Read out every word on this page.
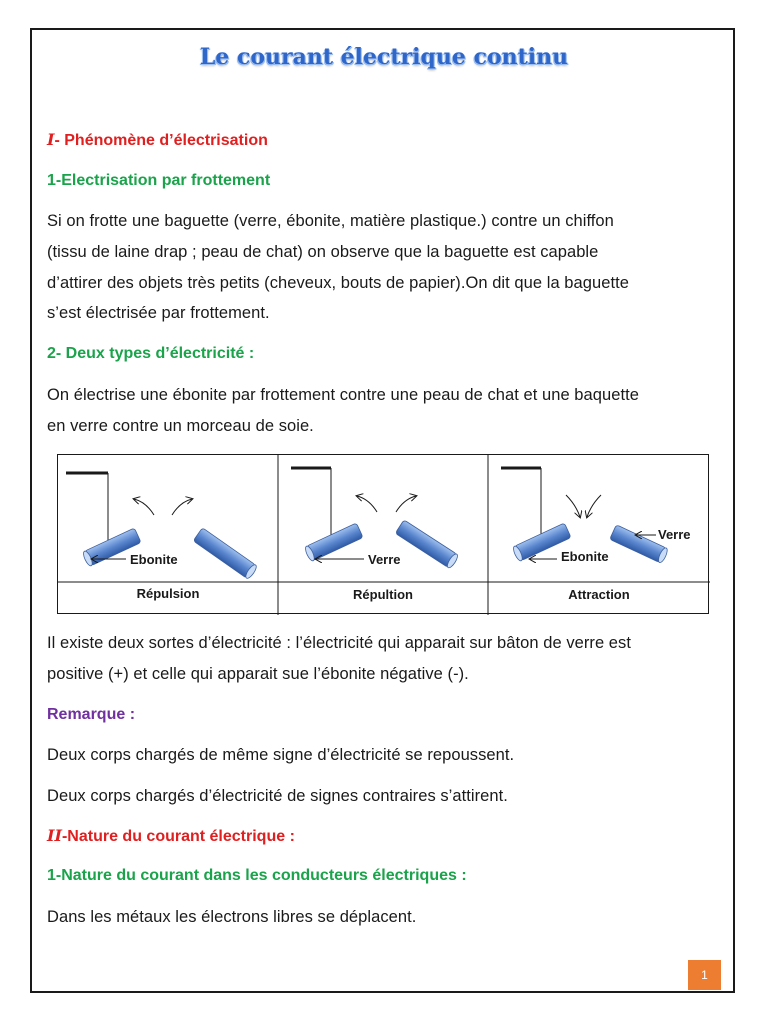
Le courant électrique continu
I- Phénomène d’électrisation
1-Electrisation par frottement
Si on frotte une baguette (verre, ébonite, matière plastique.) contre un chiffon
(tissu de laine drap ; peau de chat) on observe que la baguette est capable
d’attirer des objets très petits (cheveux, bouts de papier).On dit que la baguette
s’est électrisée par frottement.
2- Deux types d’électricité :
On électrise une ébonite par frottement contre une peau de chat et une baquette
en verre contre un morceau de soie.
Ebonite	Verre	Ebonite
Verre
Répulsion	Répultion	Attraction
Il existe deux sortes d’électricité : l’électricité qui apparait sur bâton de verre est
positive (+) et celle qui apparait sue l’ébonite négative (-).
Remarque :
Deux corps chargés de même signe d’électricité se repoussent.
Deux corps chargés d’électricité de signes contraires s’attirent.
II-Nature du courant électrique :
1-Nature du courant dans les conducteurs électriques :
Dans les métaux les électrons libres se déplacent.
1
